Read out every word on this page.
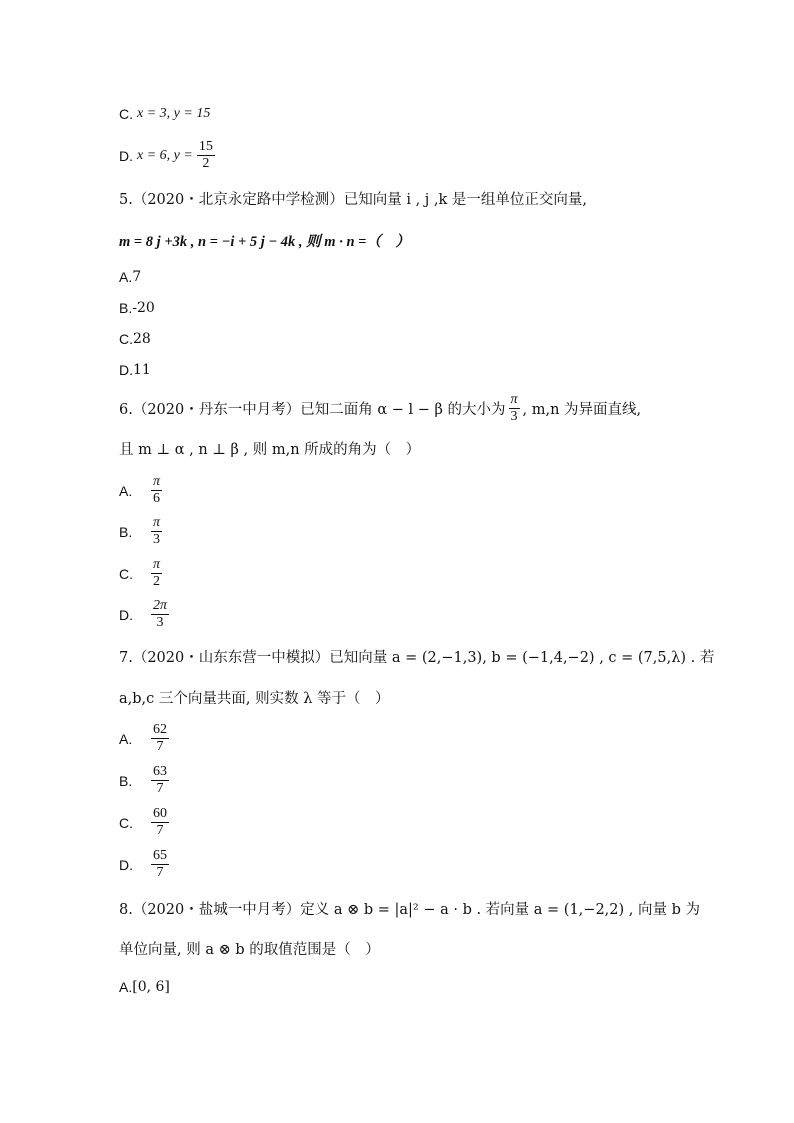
C. x = 3, y = 15
D. x = 6, $y = \frac{15}{2}$
5.（2020・北京永定路中学检测）已知向量 i , j ,k 是一组单位正交向量,
m = 8 j +3k , n = −i + 5 j − 4k , 则 m · n =（　）
A. 7
B. -20
C. 28
D. 11
6.（2020・丹东一中月考）已知二面角 α − l − β 的大小为 $\frac{\pi}{3}$ , m,n 为异面直线,
且 m ⊥ α , n ⊥ β , 则 m,n 所成的角为（　）
A.	$\frac{\pi}{6}$
B.	$\frac{\pi}{3}$
C.	$\frac{\pi}{2}$
D.	$\frac{2\pi}{3}$
7.（2020・山东东营一中模拟）已知向量 a = (2,−1,3), b = (−1,4,−2) , c = (7,5,λ) . 若
a,b,c 三个向量共面, 则实数 λ 等于（　）
A.	$\frac{62}{7}$
B.	$\frac{63}{7}$
C.	$\frac{60}{7}$
D.	$\frac{65}{7}$
8.（2020・盐城一中月考）定义 a ⊗ b = |a|² − a · b . 若向量 a = (1,−2,2) , 向量 b 为
单位向量, 则 a ⊗ b 的取值范围是（　）
A. [0, 6]
